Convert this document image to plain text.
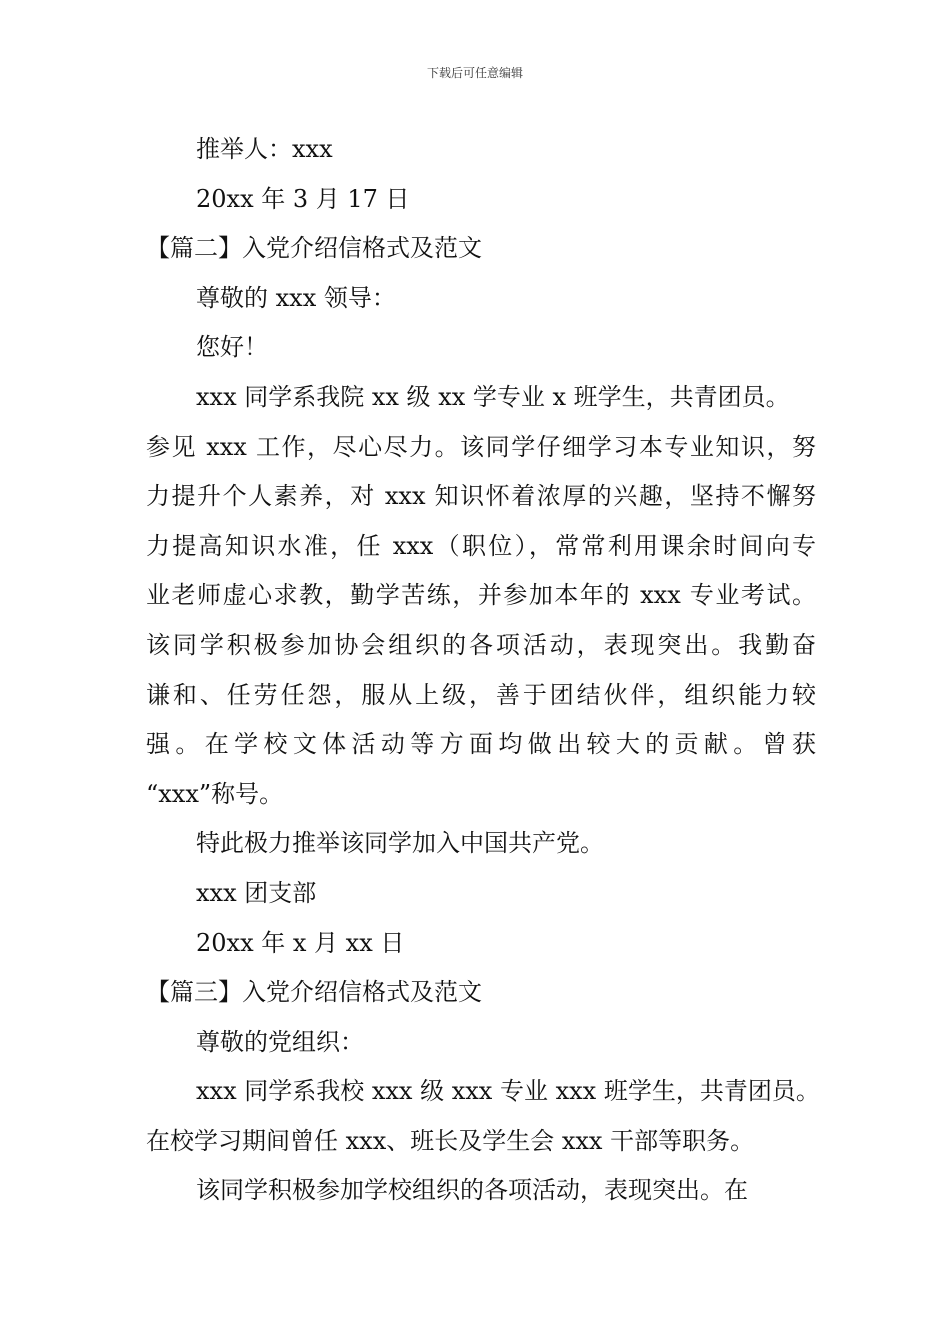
下载后可任意编辑
推举人：xxx
20xx 年 3 月 17 日
【篇二】入党介绍信格式及范文
尊敬的 xxx 领导：
您好！
xxx 同学系我院 xx 级 xx 学专业 x 班学生，共青团员。
参见 xxx 工作，尽心尽力。该同学仔细学习本专业知识，努
力提升个人素养，对 xxx 知识怀着浓厚的兴趣，坚持不懈努
力提高知识水准，任 xxx（职位），常常利用课余时间向专
业老师虚心求教，勤学苦练，并参加本年的 xxx 专业考试。
该同学积极参加协会组织的各项活动，表现突出。我勤奋
谦和、任劳任怨，服从上级，善于团结伙伴，组织能力较
强。在学校文体活动等方面均做出较大的贡献。曾获
“xxx”称号。
特此极力推举该同学加入中国共产党。
xxx 团支部
20xx 年 x 月 xx 日
【篇三】入党介绍信格式及范文
尊敬的党组织：
xxx 同学系我校 xxx 级 xxx 专业 xxx 班学生，共青团员。
在校学习期间曾任 xxx、班长及学生会 xxx 干部等职务。
该同学积极参加学校组织的各项活动，表现突出。在
